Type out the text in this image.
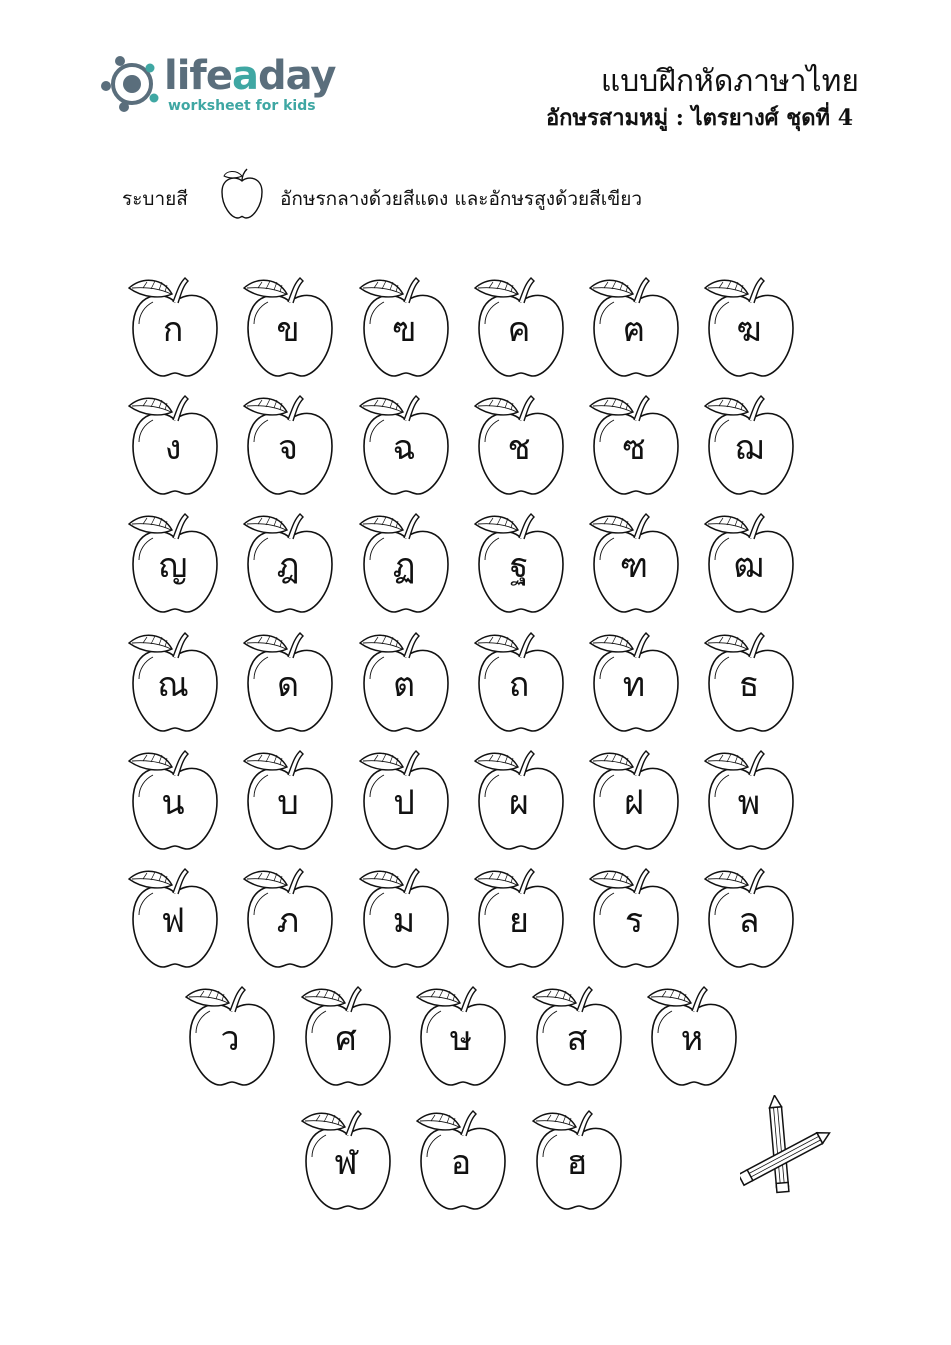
lifeaday
worksheet for kids
แบบฝึกหัดภาษาไทย
อักษรสามหมู่ : ไตรยางศ์ ชุดที่ 4
ระบายสี	อักษรกลางด้วยสีแดง และอักษรสูงด้วยสีเขียว
ก	ข	ฃ	ค	ฅ	ฆ
ง	จ	ฉ	ช	ซ	ฌ
ญ	ฎ	ฏ	ฐ	ฑ	ฒ
ณ	ด	ต	ถ	ท	ธ
น	บ	ป	ผ	ฝ	พ
ฟ	ภ	ม	ย	ร	ล
ว	ศ	ษ	ส	ห
ฬ	อ	ฮ
